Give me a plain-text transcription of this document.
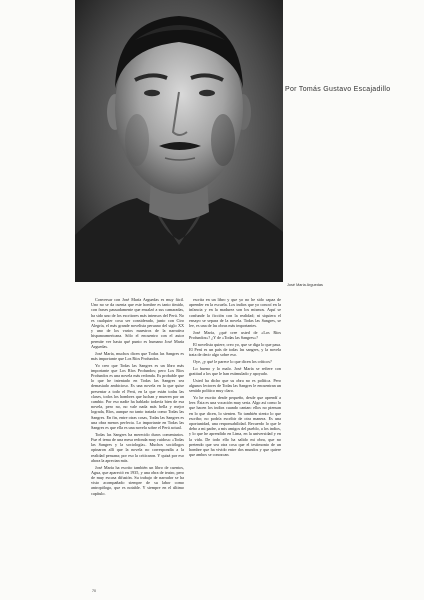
Por Tomás Gustavo Escajadillo
José María Arguedas

Conversar con José María Arguedas es muy fácil. Uno no se da cuenta que este hombre es tanto tímido, con frases pausadamente que ensalzó a sus camaradas, ha sido uno de los escritores más intensos del Perú. No es cualquier cosa ser considerado, junto con Ciro Alegría, el más grande novelista peruano del siglo XX y uno de los varios maestros de la narrativa hispanoamericana. Sólo el encuentro con el autor permite ver hasta qué punto es humano José María Arguedas.

José María, muchos dicen que Todas las Sangres es más importante que Los Ríos Profundos.

Yo creo que Todas las Sangres es un libro más importante que Los Ríos Profundos; pero Los Ríos Profundos es una novela más redonda. Es probable que lo que he intentado en Todas las Sangres sea demasiado ambicioso. Es una novela en la que quise presentar a todo el Perú, en la que están todas las clases, todos los hombres que luchan y mueren por un cambio. Por eso nadie ha hablado todavía bien de esa novela, pero no, no vale nada más bella y mejor lograda, Ríos, aunque no tanto tratada como Todas las Sangres. En fin, entre otras cosas, Todas las Sangres es una obra menos perfecta. Lo importante en Todas las Sangres es que ella es una novela sobre el Perú actual.

Todas las Sangres ha merecido duros comentarios. Fue el tema de una mesa redonda muy ruidosa: «Todas las Sangres y la sociología». Muchos sociólogos opinaron allí que la novela no correspondía a la realidad peruana; por eso la criticaron. Y quizá por eso ahora la aprecian más.

José María ha escrito también un libro de cuentos, Agua, que apareció en 1935, y una obra de teatro, pero de muy escasa difusión. Su trabajo de narrador se ha visto acompañado siempre de su labor como antropólogo, que es notable. Y siempre en el último capítulo.

escrita en un libro y que yo no he sido capaz de aprender en la escuela. Los indios que yo conocí en la infancia y en la madurez son los mismos. Aquí se confunde la ficción con la realidad; ni siquiera el ensayo se separa de la novela. Todas las Sangres, se lee, es una de las obras más importantes.

José María, ¿qué cree usted de «Los Ríos Profundos»? ¿Y de «Todas las Sangres»?

El novelista quiere, creo yo, que se diga lo que pasa. El Perú es un país de todas las sangres, y la novela trata de decir algo sobre eso.

Oye, ¿y qué le parece lo que dicen los críticos?

Lo bueno y lo malo. José María se refiere con gratitud a los que le han estimulado y apoyado.

Usted ha dicho que su obra no es política. Pero algunos lectores de Todas las Sangres le encuentran un sentido político muy claro.

Yo he escrito desde pequeño, desde que aprendí a leer. Ésta es una vocación muy seria. Algo así como lo que hacen los indios cuando cantan: ellos no piensan en lo que dicen, lo sienten. Yo también siento lo que escribo; no podría escribir de otra manera. Es una oportunidad, una responsabilidad. Recuerdo lo que le debo a mi padre, a mis amigos del pueblo, a los indios, y lo que he aprendido en Lima, en la universidad y en la vida. De todo ello ha salido mi obra, que no pretendo que sea otra cosa que el testimonio de un hombre que ha vivido entre dos mundos y que quiere que ambos se conozcan.

70
